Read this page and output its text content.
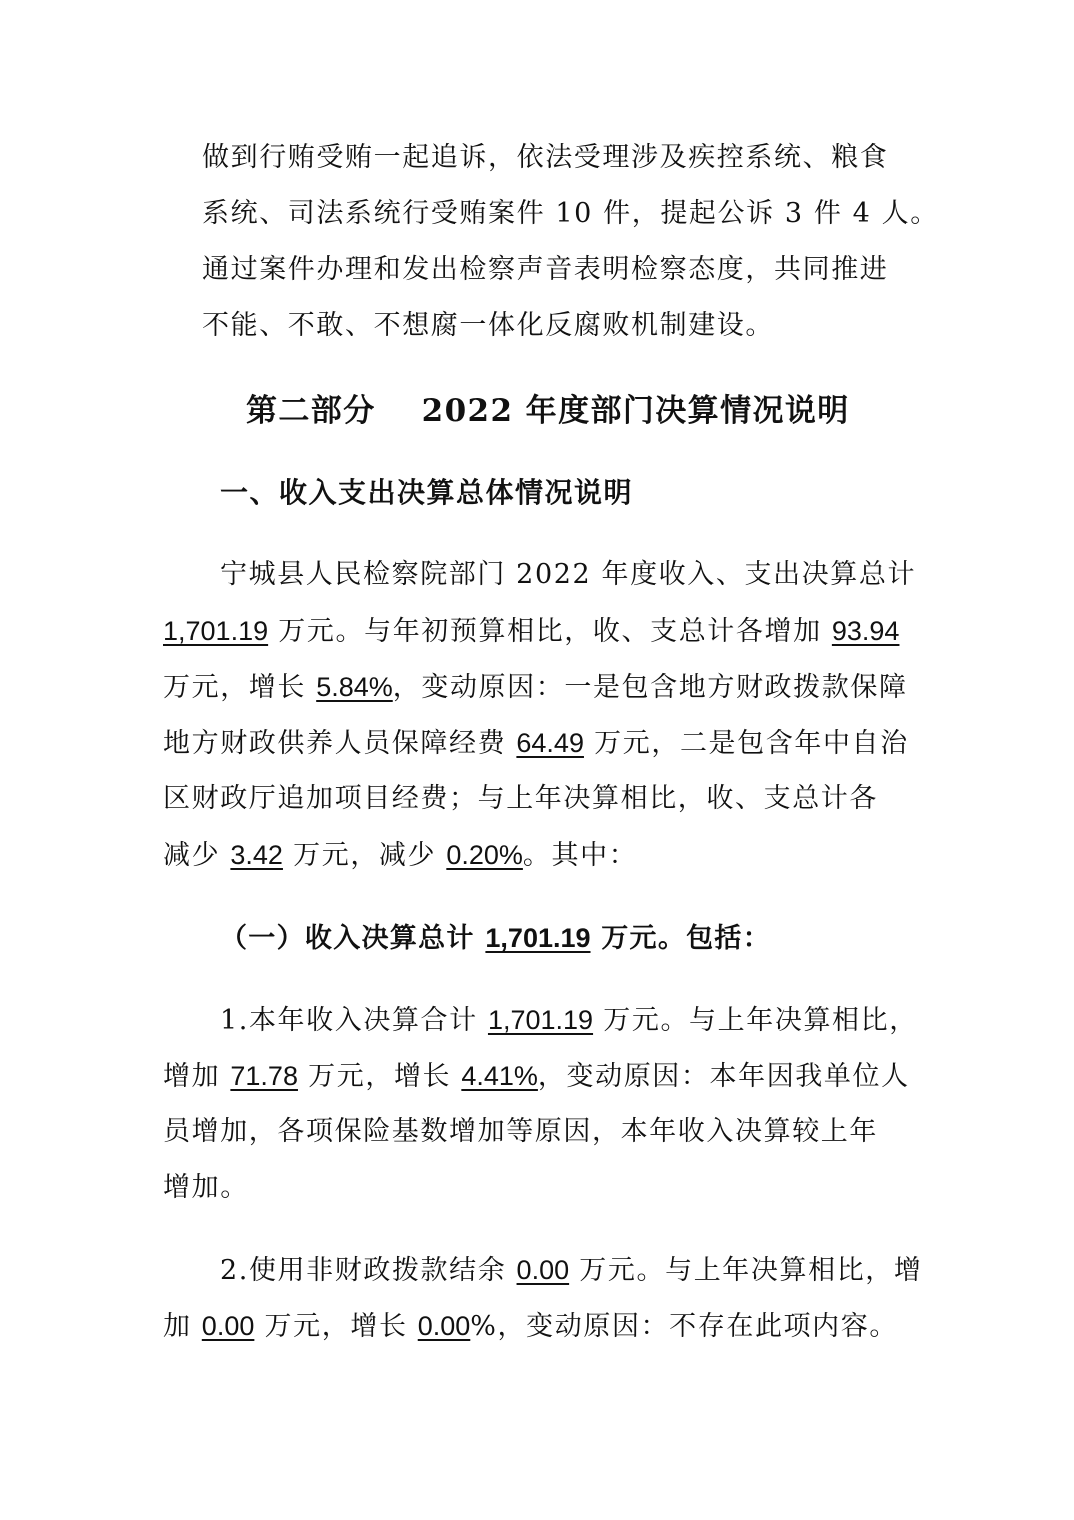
做到行贿受贿一起追诉，依法受理涉及疾控系统、粮食
系统、司法系统行受贿案件 10 件，提起公诉 3 件 4 人。
通过案件办理和发出检察声音表明检察态度，共同推进
不能、不敢、不想腐一体化反腐败机制建设。
第二部分 2022 年度部门决算情况说明
一、收入支出决算总体情况说明
宁城县人民检察院部门 2022 年度收入、支出决算总计
1,701.19 万元。与年初预算相比，收、支总计各增加 93.94
万元，增长 5.84%，变动原因：一是包含地方财政拨款保障
地方财政供养人员保障经费 64.49 万元，二是包含年中自治
区财政厅追加项目经费；与上年决算相比，收、支总计各
减少 3.42 万元，减少 0.20%。其中：
（一）收入决算总计 1,701.19 万元。包括：
1.本年收入决算合计 1,701.19 万元。与上年决算相比，
增加 71.78 万元，增长 4.41%，变动原因：本年因我单位人
员增加，各项保险基数增加等原因，本年收入决算较上年
增加。
2.使用非财政拨款结余 0.00 万元。与上年决算相比，增
加 0.00 万元，增长 0.00%，变动原因：不存在此项内容。
